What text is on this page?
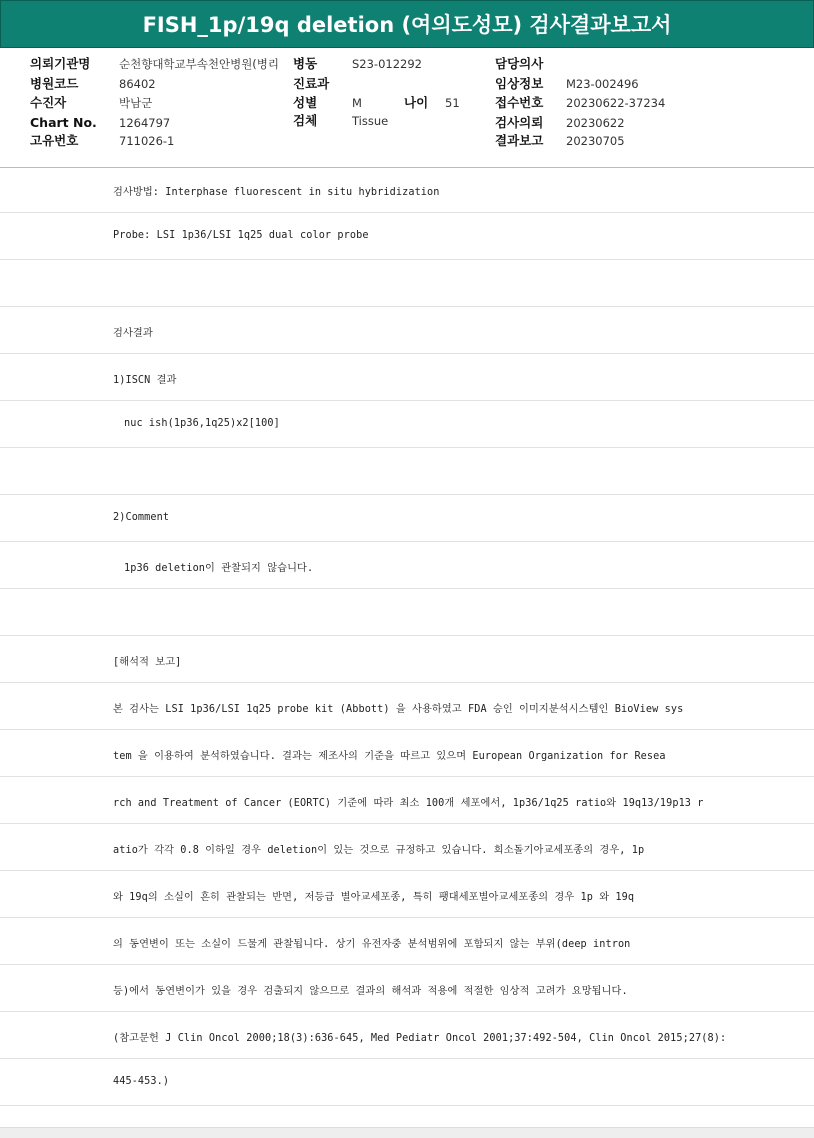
FISH_1p/19q deletion (여의도성모) 검사결과보고서
의뢰기관명 순천향대학교부속천안병원(병리 병동	S23-012292	담당의사
병원코드	86402	진료과	임상정보 M23-002496
수진자	박남군	성별	M	나이 51	접수번호 20230622-37234
Chart No. 1264797	검체	Tissue	검사의뢰 20230622
고유번호	711026-1	결과보고 20230705
검사방법: Interphase fluorescent in situ hybridization
Probe: LSI 1p36/LSI 1q25 dual color probe
검사결과
1)ISCN 결과
nuc ish(1p36,1q25)x2[100]
2)Comment
1p36 deletion이 관찰되지 않습니다.
[해석적 보고]
본 검사는 LSI 1p36/LSI 1q25 probe kit (Abbott) 을 사용하였고 FDA 승인 이미지분석시스템인 BioView sys
tem 을 이용하여 분석하였습니다. 결과는 제조사의 기준을 따르고 있으며 European Organization for Resea
rch and Treatment of Cancer (EORTC) 기준에 따라 최소 100개 세포에서, 1p36/1q25 ratio와 19q13/19p13 r
atio가 각각 0.8 이하일 경우 deletion이 있는 것으로 규정하고 있습니다. 희소돌기아교세포종의 경우, 1p
와 19q의 소실이 흔히 관찰되는 반면, 저등급 별아교세포종, 특히 팽대세포별아교세포종의 경우 1p 와 19q
의 동연변이 또는 소실이 드물게 관찰됩니다. 상기 유전자중 분석범위에 포함되지 않는 부위(deep intron
등)에서 동연변이가 있을 경우 검출되지 않으므로 결과의 해석과 적용에 적절한 임상적 고려가 요망됩니다.
(참고문헌 J Clin Oncol 2000;18(3):636-645, Med Pediatr Oncol 2001;37:492-504, Clin Oncol 2015;27(8):
445-453.)
